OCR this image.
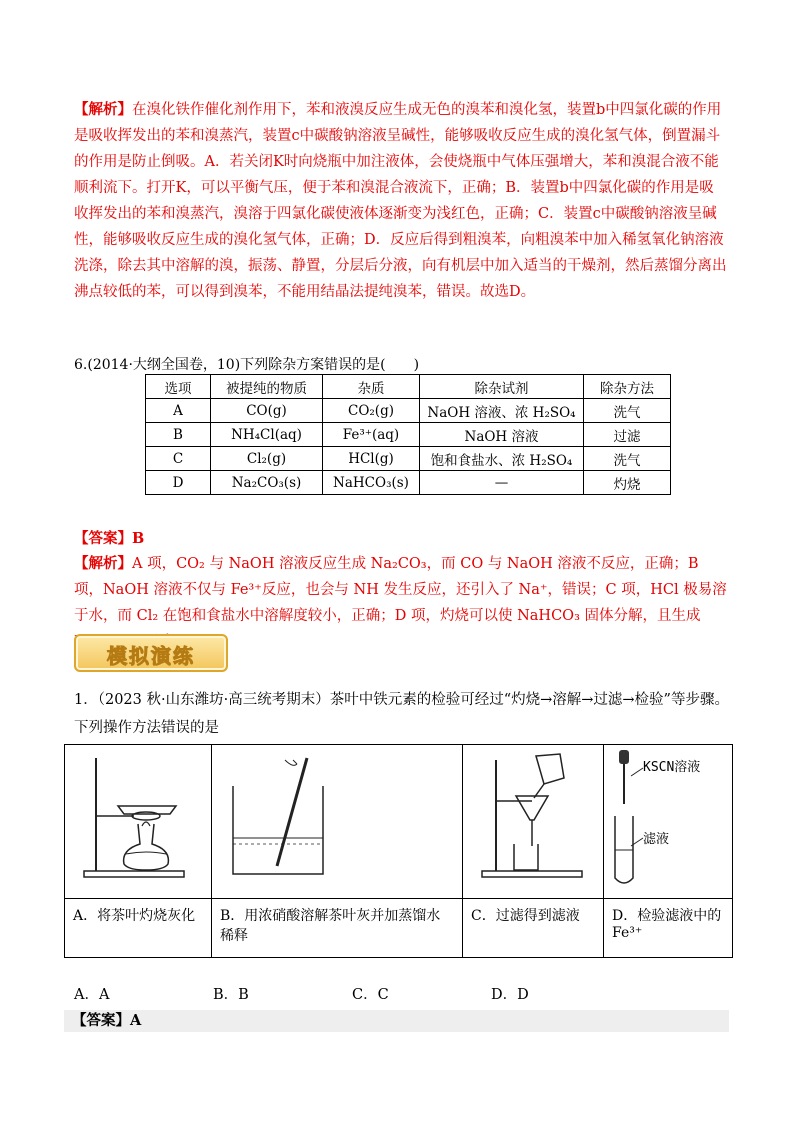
【解析】在溴化铁作催化剂作用下，苯和液溴反应生成无色的溴苯和溴化氢，装置b中四氯化碳的作用是吸收挥发出的苯和溴蒸汽，装置c中碳酸钠溶液呈碱性，能够吸收反应生成的溴化氢气体，倒置漏斗的作用是防止倒吸。A．若关闭K时向烧瓶中加注液体，会使烧瓶中气体压强增大，苯和溴混合液不能顺利流下。打开K，可以平衡气压，便于苯和溴混合液流下，正确；B．装置b中四氯化碳的作用是吸收挥发出的苯和溴蒸汽，溴溶于四氯化碳使液体逐渐变为浅红色，正确；C．装置c中碳酸钠溶液呈碱性，能够吸收反应生成的溴化氢气体，正确；D．反应后得到粗溴苯，向粗溴苯中加入稀氢氧化钠溶液洗涤，除去其中溶解的溴，振荡、静置，分层后分液，向有机层中加入适当的干燥剂，然后蒸馏分离出沸点较低的苯，可以得到溴苯，不能用结晶法提纯溴苯，错误。故选D。
6.(2014·大纲全国卷，10)下列除杂方案错误的是(　　)
选项	被提纯的物质	杂质	除杂试剂	除杂方法
A	CO(g)	CO₂(g)	NaOH 溶液、浓 H₂SO₄	洗气
B	NH₄Cl(aq)	Fe³⁺(aq)	NaOH 溶液	过滤
C	Cl₂(g)	HCl(g)	饱和食盐水、浓 H₂SO₄	洗气
D	Na₂CO₃(s)	NaHCO₃(s)	—	灼烧
【答案】B
【解析】A 项，CO₂ 与 NaOH 溶液反应生成 Na₂CO₃，而 CO 与 NaOH 溶液不反应，正确；B 项，NaOH 溶液不仅与 Fe³⁺反应，也会与 NH 发生反应，还引入了 Na⁺，错误；C 项，HCl 极易溶于水，而 Cl₂ 在饱和食盐水中溶解度较小，正确；D 项，灼烧可以使 NaHCO₃ 固体分解，且生成
模拟演练
1．（2023 秋·山东潍坊·高三统考期末）茶叶中铁元素的检验可经过“灼烧→溶解→过滤→检验”等步骤。
下列操作方法错误的是

KSCN溶液
滤液

A．将茶叶灼烧灰化	B．用浓硝酸溶解茶叶灰并加蒸馏水稀释	C．过滤得到滤液	D．检验滤液中的Fe³⁺
A．A	B．B	C．C	D．D
【答案】A
